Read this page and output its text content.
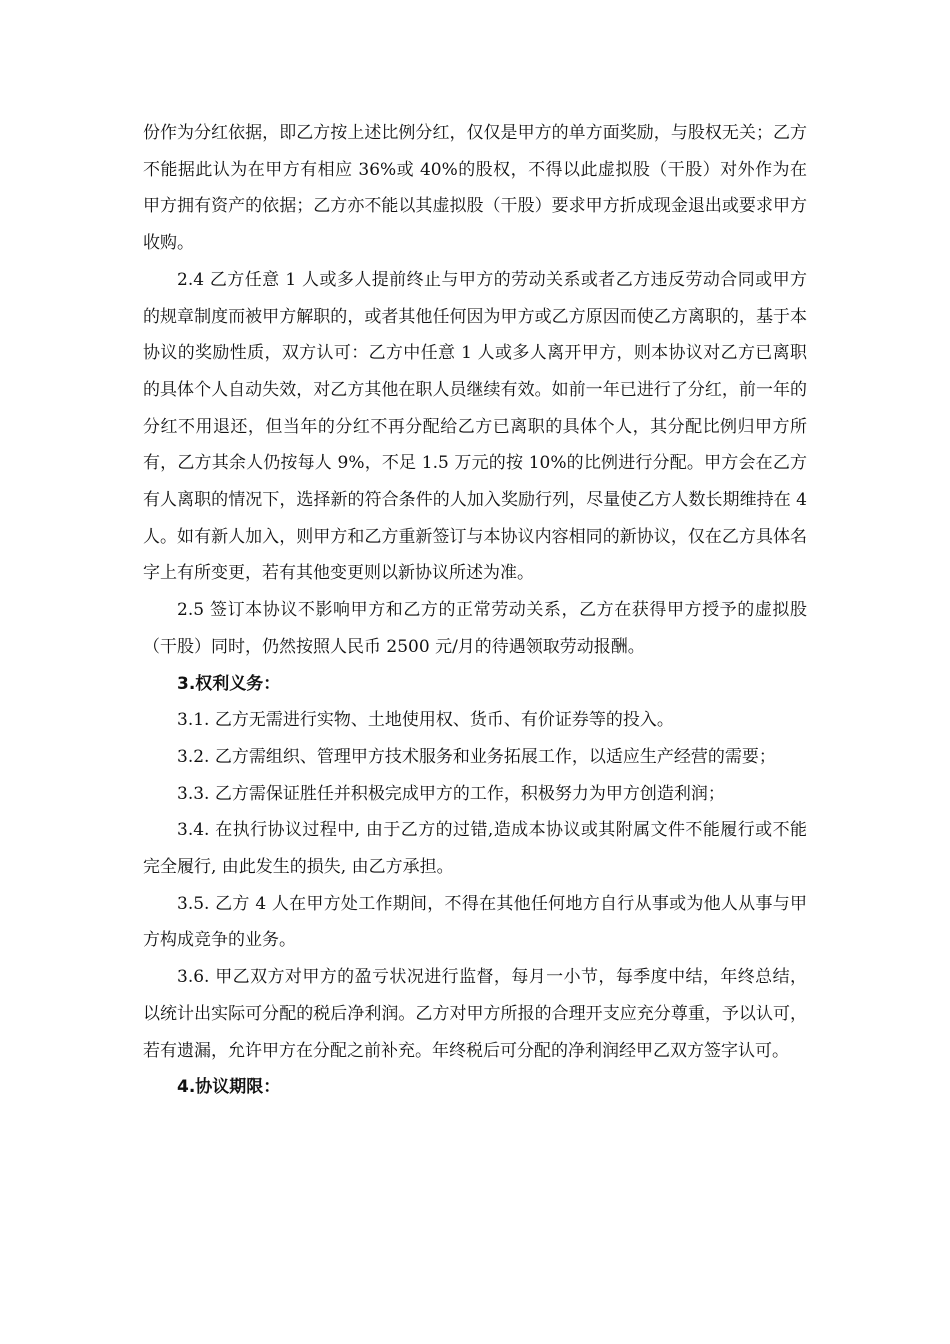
份作为分红依据，即乙方按上述比例分红，仅仅是甲方的单方面奖励，与股权无关；乙方不能据此认为在甲方有相应 36%或 40%的股权，不得以此虚拟股（干股）对外作为在甲方拥有资产的依据；乙方亦不能以其虚拟股（干股）要求甲方折成现金退出或要求甲方收购。

2.4 乙方任意 1 人或多人提前终止与甲方的劳动关系或者乙方违反劳动合同或甲方的规章制度而被甲方解职的，或者其他任何因为甲方或乙方原因而使乙方离职的，基于本协议的奖励性质，双方认可：乙方中任意 1 人或多人离开甲方，则本协议对乙方已离职的具体个人自动失效，对乙方其他在职人员继续有效。如前一年已进行了分红，前一年的分红不用退还，但当年的分红不再分配给乙方已离职的具体个人，其分配比例归甲方所有，乙方其余人仍按每人 9%，不足 1.5 万元的按 10%的比例进行分配。甲方会在乙方有人离职的情况下，选择新的符合条件的人加入奖励行列，尽量使乙方人数长期维持在 4 人。如有新人加入，则甲方和乙方重新签订与本协议内容相同的新协议，仅在乙方具体名字上有所变更，若有其他变更则以新协议所述为准。

2.5 签订本协议不影响甲方和乙方的正常劳动关系，乙方在获得甲方授予的虚拟股（干股）同时，仍然按照人民币 2500 元/月的待遇领取劳动报酬。

3.权利义务：

3.1. 乙方无需进行实物、土地使用权、货币、有价证券等的投入。

3.2. 乙方需组织、管理甲方技术服务和业务拓展工作，以适应生产经营的需要；

3.3. 乙方需保证胜任并积极完成甲方的工作，积极努力为甲方创造利润；

3.4. 在执行协议过程中, 由于乙方的过错,造成本协议或其附属文件不能履行或不能完全履行, 由此发生的损失, 由乙方承担。

3.5. 乙方 4 人在甲方处工作期间，不得在其他任何地方自行从事或为他人从事与甲方构成竞争的业务。

3.6. 甲乙双方对甲方的盈亏状况进行监督，每月一小节，每季度中结，年终总结，以统计出实际可分配的税后净利润。乙方对甲方所报的合理开支应充分尊重，予以认可，若有遗漏，允许甲方在分配之前补充。年终税后可分配的净利润经甲乙双方签字认可。

4.协议期限：
